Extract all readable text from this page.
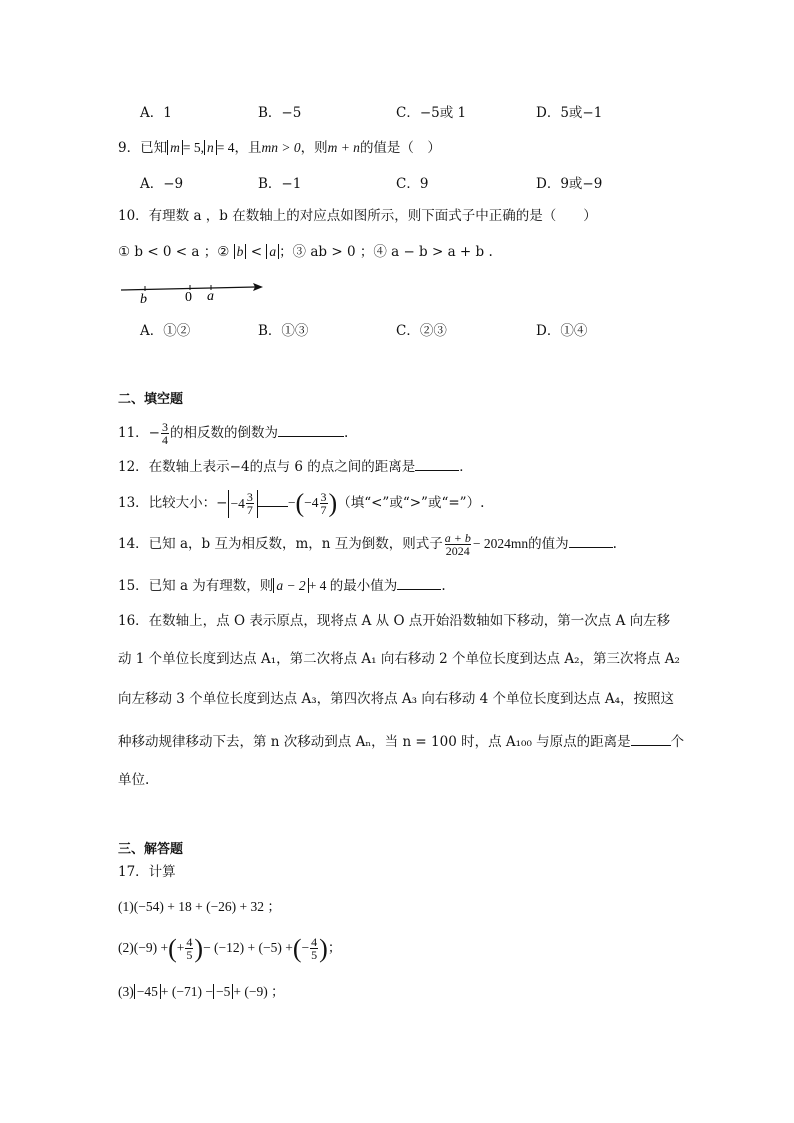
A．1	B．−5	C．−5或 1	D．5或−1
9．已知 m = 5, n = 4，且mn > 0，则m + n的值是（　）
A．−9	B．−1	C．9	D．9或−9
10．有理数 a ，b 在数轴上的对应点如图所示，则下面式子中正确的是（　　）
① b < 0 < a ；② b < a ；③ ab > 0 ；④ a − b > a + b .
b	0 a
A．①②	B．①③	C．②③	D．①④
二、填空题
11．− $\frac{3}{4}$ 的相反数的倒数为	.
12．在数轴上表示−4的点与 6 的点之间的距离是	．
13．比较大小：− $-4 \frac{3}{7}$	$-(-4 \frac{3}{7}$ )（填“<”或“>”或“=”）.
14．已知 a，b 互为相反数，m，n 互为倒数，则式子 $\frac{a + b}{2024} - 2024mn$的值为	.
15．已知 a 为有理数，则 a − 2 + 4 的最小值为	.
16．在数轴上，点 O 表示原点，现将点 A 从 O 点开始沿数轴如下移动，第一次点 A 向左移
动 1 个单位长度到达点 A₁，第二次将点 A₁ 向右移动 2 个单位长度到达点 A₂，第三次将点 A₂
向左移动 3 个单位长度到达点 A₃，第四次将点 A₃ 向右移动 4 个单位长度到达点 A₄，按照这
种移动规律移动下去，第 n 次移动到点 Aₙ，当 n = 100 时，点 A₁₀₀ 与原点的距离是	个
单位.
三、解答题
17．计算
(1)(−54) + 18 + (−26) + 32 ；
(2)(−9) +(+ $\frac{4}{5}$ )− (−12) + (−5) +(− $\frac{4}{5}$ )；
(3) −45 + (−71) − −5 + (−9) ；
